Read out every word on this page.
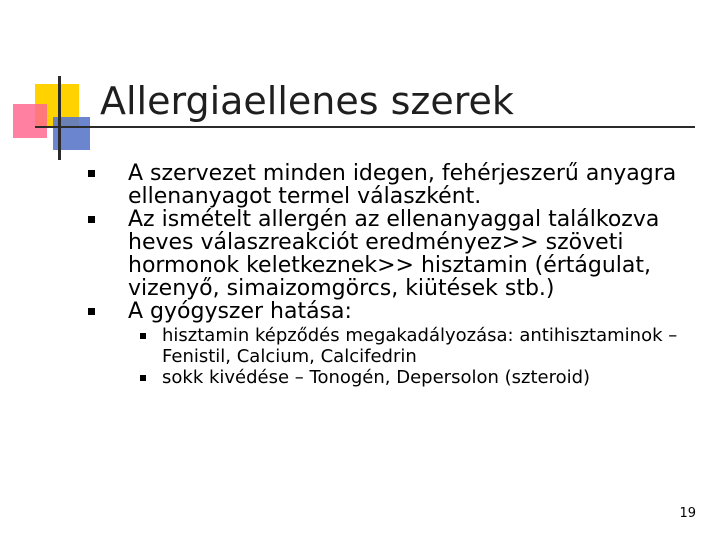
Allergiaellenes szerek
A szervezet minden idegen, fehérjeszerű anyagra ellenanyagot termel válaszként.
Az ismételt allergén az ellenanyaggal találkozva heves válaszreakciót eredményez>> szöveti hormonok keletkeznek>> hisztamin (értágulat, vizenyő, simaizomgörcs, kiütések stb.)
A gyógyszer hatása:
hisztamin képződés megakadályozása: antihisztaminok – Fenistil, Calcium, Calcifedrin
sokk kivédése – Tonogén, Depersolon (szteroid)
19
